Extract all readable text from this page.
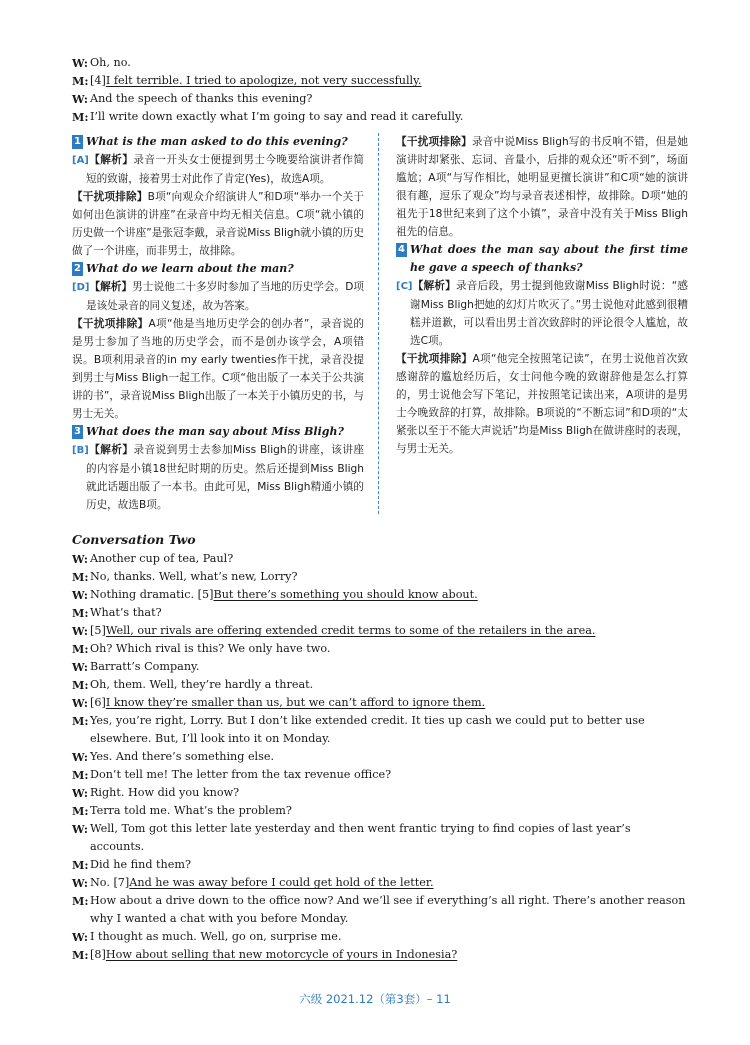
W : Oh, no.
M : [4]I felt terrible. I tried to apologize, not very successfully.
W : And the speech of thanks this evening?
M : I’ll write down exactly what I’m going to say and read it carefully.
1 What is the man asked to do this evening?
[A]【解析】录音一开头女士便提到男士今晚要给演讲者作简短的致谢，接着男士对此作了肯定(Yes)，故选A项。
【干扰项排除】B项“向观众介绍演讲人”和D项“举办一个关于如何出色演讲的讲座”在录音中均无相关信息。C项“就小镇的历史做一个讲座”是张冠李戴，录音说Miss Bligh就小镇的历史做了一个讲座，而非男士，故排除。
2 What do we learn about the man?
[D]【解析】男士说他二十多岁时参加了当地的历史学会。D项是该处录音的同义复述，故为答案。
【干扰项排除】A项“他是当地历史学会的创办者”，录音说的是男士参加了当地的历史学会，而不是创办该学会，A项错误。B项利用录音的in my early twenties作干扰，录音没提到男士与Miss Bligh一起工作。C项“他出版了一本关于公共演讲的书”，录音说Miss Bligh出版了一本关于小镇历史的书，与男士无关。
3 What does the man say about Miss Bligh?
[B]【解析】录音说到男士去参加Miss Bligh的讲座，该讲座的内容是小镇18世纪时期的历史。然后还提到Miss Bligh就此话题出版了一本书。由此可见，Miss Bligh精通小镇的历史，故选B项。
【干扰项排除】录音中说Miss Bligh写的书反响不错，但是她演讲时却紧张、忘词、音量小，后排的观众还“听不到”，场面尴尬；A项“与写作相比，她明显更擅长演讲”和C项“她的演讲很有趣，逗乐了观众”均与录音表述相悖，故排除。D项“她的祖先于18世纪来到了这个小镇”，录音中没有关于Miss Bligh祖先的信息。
4 What does the man say about the first time he gave a speech of thanks?
[C]【解析】录音后段，男士提到他致谢Miss Bligh时说：“感谢Miss Bligh把她的幻灯片吹灭了。”男士说他对此感到很糟糕并道歉，可以看出男士首次致辞时的评论很令人尴尬，故选C项。
【干扰项排除】A项“他完全按照笔记读”，在男士说他首次致感谢辞的尴尬经历后，女士问他今晚的致谢辞他是怎么打算的，男士说他会写下笔记，并按照笔记读出来，A项讲的是男士今晚致辞的打算，故排除。B项说的“不断忘词”和D项的“太紧张以至于不能大声说话”均是Miss Bligh在做讲座时的表现，与男士无关。
Conversation Two
W : Another cup of tea, Paul?
M : No, thanks. Well, what’s new, Lorry?
W : Nothing dramatic. [5]But there’s something you should know about.
M : What’s that?
W : [5]Well, our rivals are offering extended credit terms to some of the retailers in the area.
M : Oh? Which rival is this? We only have two.
W : Barratt’s Company.
M : Oh, them. Well, they’re hardly a threat.
W : [6]I know they’re smaller than us, but we can’t afford to ignore them.
M : Yes, you’re right, Lorry. But I don’t like extended credit. It ties up cash we could put to better use elsewhere. But, I’ll look into it on Monday.
W : Yes. And there’s something else.
M : Don’t tell me! The letter from the tax revenue office?
W : Right. How did you know?
M : Terra told me. What’s the problem?
W : Well, Tom got this letter late yesterday and then went frantic trying to find copies of last year’s accounts.
M : Did he find them?
W : No. [7]And he was away before I could get hold of the letter.
M : How about a drive down to the office now? And we’ll see if everything’s all right. There’s another reason why I wanted a chat with you before Monday.
W : I thought as much. Well, go on, surprise me.
M : [8]How about selling that new motorcycle of yours in Indonesia?
六级 2021.12（第3套）– 11
